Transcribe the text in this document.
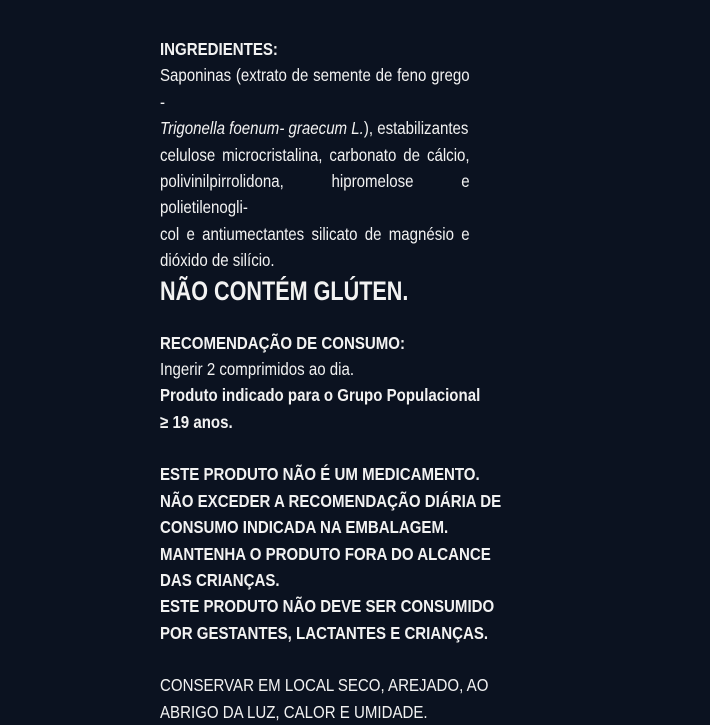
INGREDIENTES:
Saponinas (extrato de semente de feno grego -
Trigonella foenum- graecum L.), estabilizantes
celulose microcristalina, carbonato de cálcio,
polivinilpirrolidona, hipromelose e polietilenogli-
col e antiumectantes silicato de magnésio e
dióxido de silício.
NÃO CONTÉM GLÚTEN.
RECOMENDAÇÃO DE CONSUMO:
Ingerir 2 comprimidos ao dia.
Produto indicado para o Grupo Populacional
≥ 19 anos.
ESTE PRODUTO NÃO É UM MEDICAMENTO.
NÃO EXCEDER A RECOMENDAÇÃO DIÁRIA DE
CONSUMO INDICADA NA EMBALAGEM.
MANTENHA O PRODUTO FORA DO ALCANCE
DAS CRIANÇAS.
ESTE PRODUTO NÃO DEVE SER CONSUMIDO
POR GESTANTES, LACTANTES E CRIANÇAS.
CONSERVAR EM LOCAL SECO, AREJADO, AO
ABRIGO DA LUZ, CALOR E UMIDADE.
